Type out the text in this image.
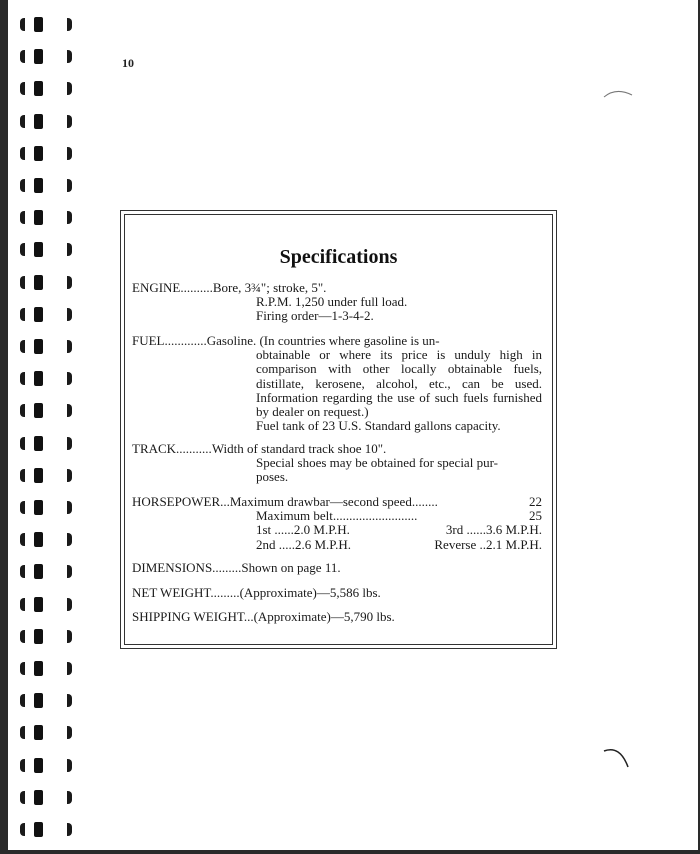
10
Specifications
ENGINE.......... Bore, 3¾"; stroke, 5".
R.P.M. 1,250 under full load.
Firing order—1-3-4-2.
FUEL............. Gasoline. (In countries where gasoline is un-
obtainable or where its price is unduly high in comparison with other locally obtainable fuels, distillate, kerosene, alcohol, etc., can be used. Information regarding the use of such fuels furnished by dealer on request.)
Fuel tank of 23 U.S. Standard gallons capacity.
TRACK........... Width of standard track shoe 10".
Special shoes may be obtained for special pur-
poses.
HORSEPOWER... Maximum drawbar—second speed........	22
Maximum belt..........................	25
1st ......2.0 M.P.H.	3rd ......3.6 M.P.H.
2nd .....2.6 M.P.H.	Reverse ..2.1 M.P.H.
DIMENSIONS.........Shown on page 11.
NET WEIGHT.........(Approximate)—5,586 lbs.
SHIPPING WEIGHT...(Approximate)—5,790 lbs.
